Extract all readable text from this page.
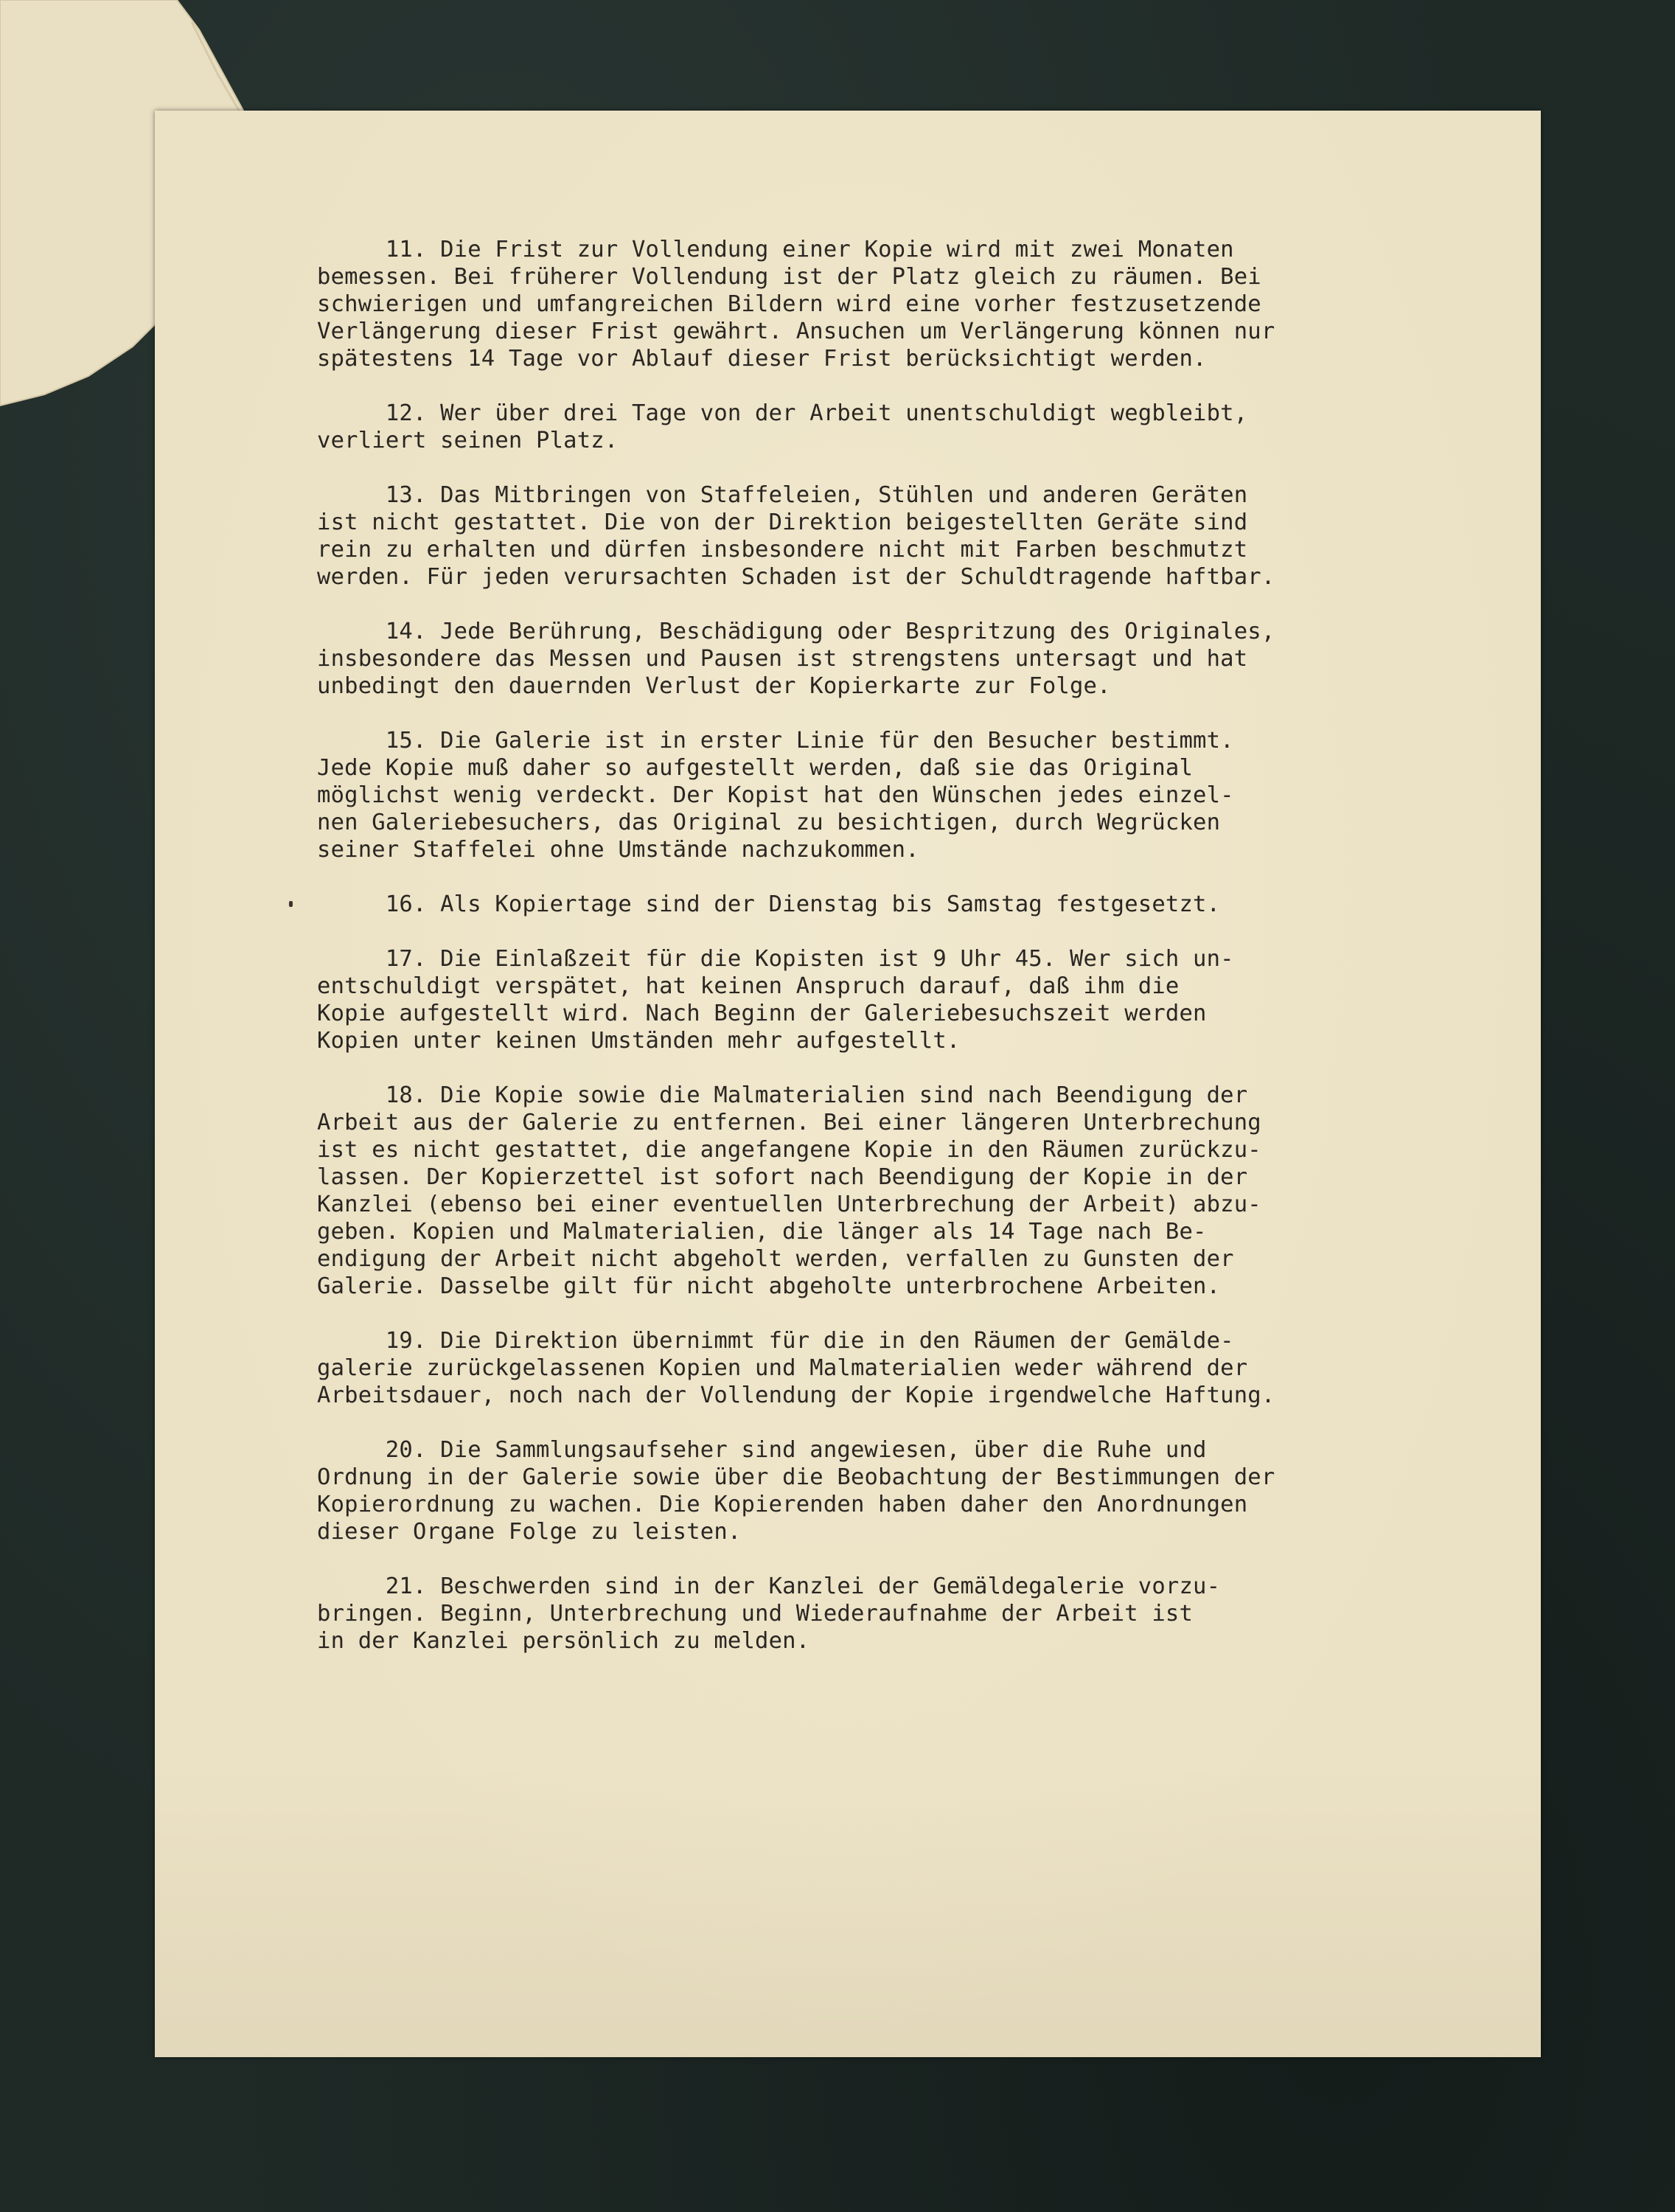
11. Die Frist zur Vollendung einer Kopie wird mit zwei Monaten
bemessen. Bei früherer Vollendung ist der Platz gleich zu räumen. Bei
schwierigen und umfangreichen Bildern wird eine vorher festzusetzende
Verlängerung dieser Frist gewährt. Ansuchen um Verlängerung können nur
spätestens 14 Tage vor Ablauf dieser Frist berücksichtigt werden.

12. Wer über drei Tage von der Arbeit unentschuldigt wegbleibt,
verliert seinen Platz.

13. Das Mitbringen von Staffeleien, Stühlen und anderen Geräten
ist nicht gestattet. Die von der Direktion beigestellten Geräte sind
rein zu erhalten und dürfen insbesondere nicht mit Farben beschmutzt
werden. Für jeden verursachten Schaden ist der Schuldtragende haftbar.

14. Jede Berührung, Beschädigung oder Bespritzung des Originales,
insbesondere das Messen und Pausen ist strengstens untersagt und hat
unbedingt den dauernden Verlust der Kopierkarte zur Folge.

15. Die Galerie ist in erster Linie für den Besucher bestimmt.
Jede Kopie muß daher so aufgestellt werden, daß sie das Original
möglichst wenig verdeckt. Der Kopist hat den Wünschen jedes einzel-
nen Galeriebesuchers, das Original zu besichtigen, durch Wegrücken
seiner Staffelei ohne Umstände nachzukommen.

16. Als Kopiertage sind der Dienstag bis Samstag festgesetzt.

17. Die Einlaßzeit für die Kopisten ist 9 Uhr 45. Wer sich un-
entschuldigt verspätet, hat keinen Anspruch darauf, daß ihm die
Kopie aufgestellt wird. Nach Beginn der Galeriebesuchszeit werden
Kopien unter keinen Umständen mehr aufgestellt.

18. Die Kopie sowie die Malmaterialien sind nach Beendigung der
Arbeit aus der Galerie zu entfernen. Bei einer längeren Unterbrechung
ist es nicht gestattet, die angefangene Kopie in den Räumen zurückzu-
lassen. Der Kopierzettel ist sofort nach Beendigung der Kopie in der
Kanzlei (ebenso bei einer eventuellen Unterbrechung der Arbeit) abzu-
geben. Kopien und Malmaterialien, die länger als 14 Tage nach Be-
endigung der Arbeit nicht abgeholt werden, verfallen zu Gunsten der
Galerie. Dasselbe gilt für nicht abgeholte unterbrochene Arbeiten.

19. Die Direktion übernimmt für die in den Räumen der Gemälde-
galerie zurückgelassenen Kopien und Malmaterialien weder während der
Arbeitsdauer, noch nach der Vollendung der Kopie irgendwelche Haftung.

20. Die Sammlungsaufseher sind angewiesen, über die Ruhe und
Ordnung in der Galerie sowie über die Beobachtung der Bestimmungen der
Kopierordnung zu wachen. Die Kopierenden haben daher den Anordnungen
dieser Organe Folge zu leisten.

21. Beschwerden sind in der Kanzlei der Gemäldegalerie vorzu-
bringen. Beginn, Unterbrechung und Wiederaufnahme der Arbeit ist
in der Kanzlei persönlich zu melden.
